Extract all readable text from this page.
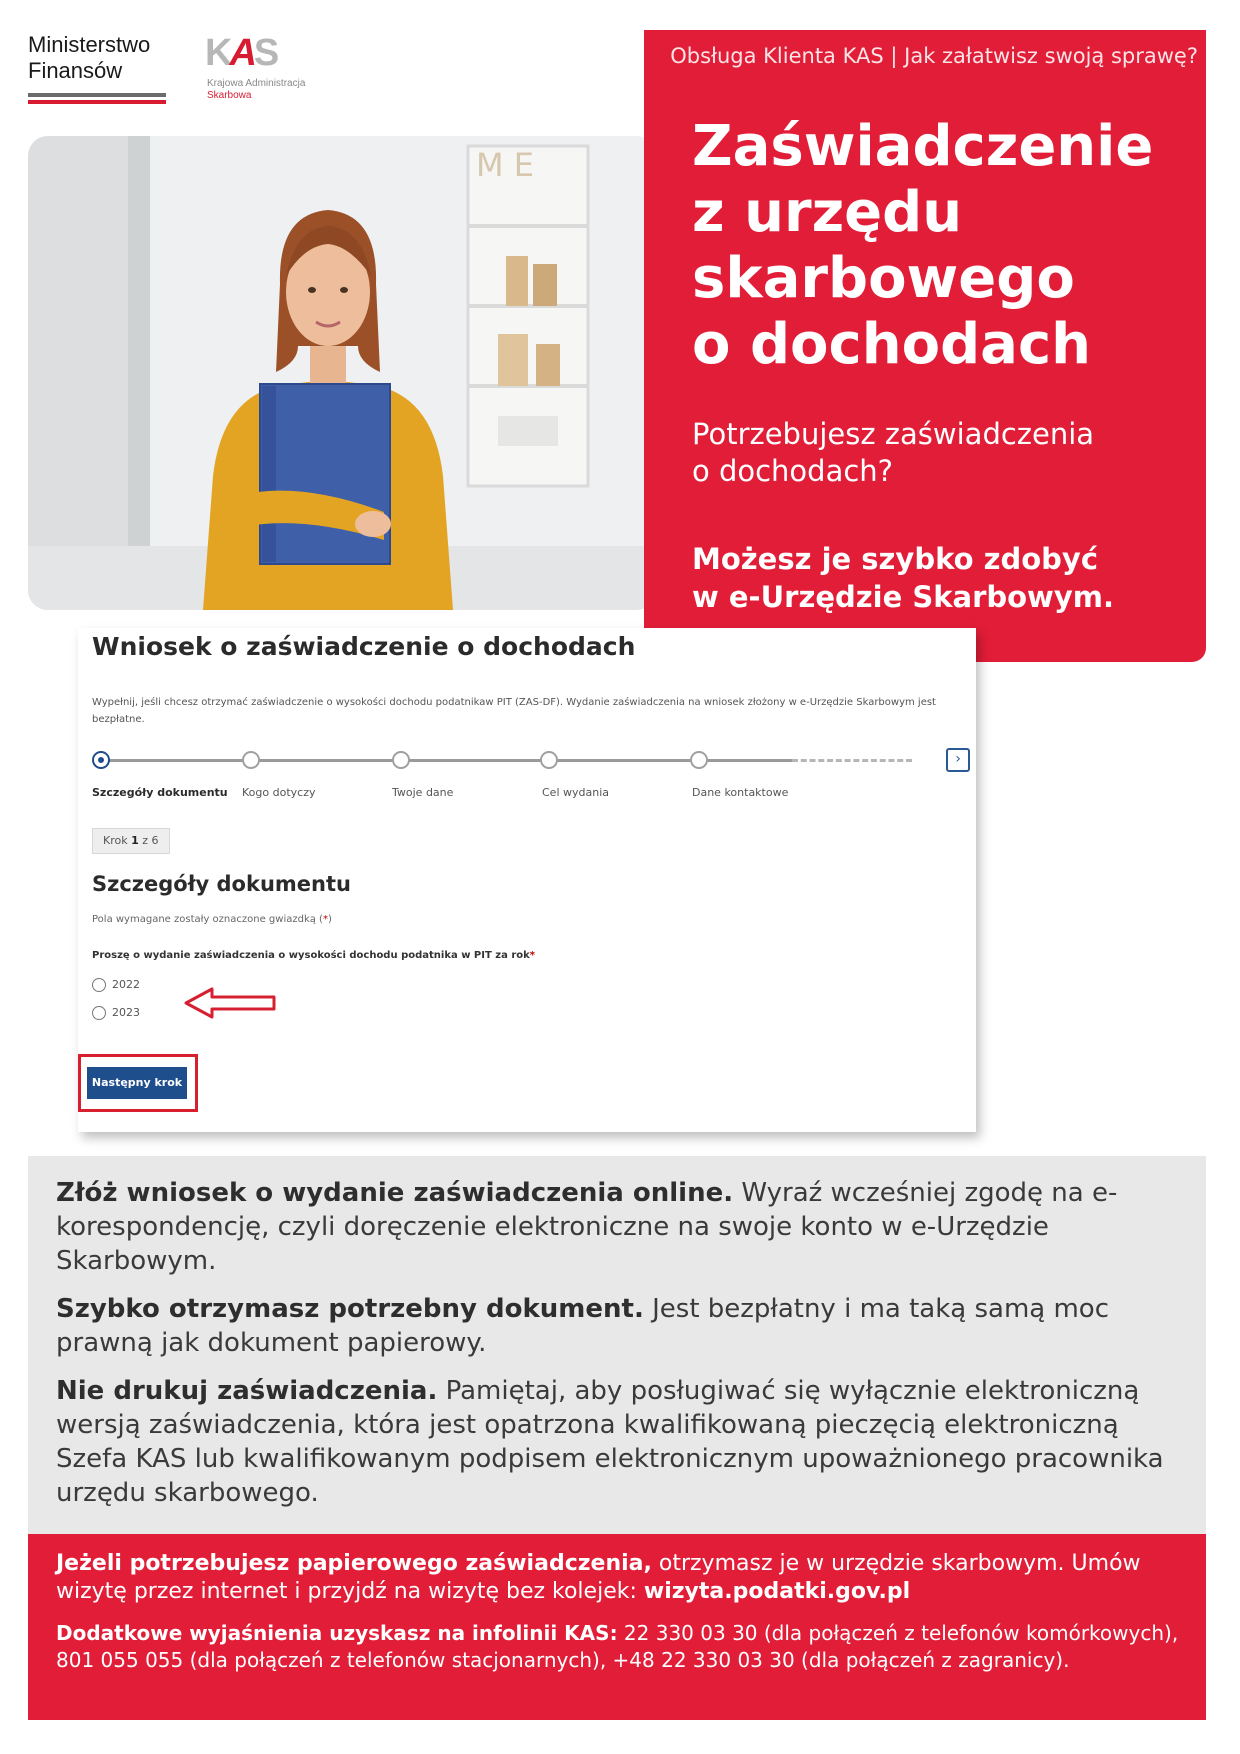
Ministerstwo
Finansów	KAS
Krajowa Administracja
Skarbowa
M E
Obsługa Klienta KAS | Jak załatwisz swoją sprawę?
Zaświadczenie
z urzędu
skarbowego
o dochodach
Potrzebujesz zaświadczenia
o dochodach?
Możesz je szybko zdobyć
w e-Urzędzie Skarbowym.
Wniosek o zaświadczenie o dochodach
Wypełnij, jeśli chcesz otrzymać zaświadczenie o wysokości dochodu podatnikaw PIT (ZAS-DF). Wydanie zaświadczenia na wniosek złożony w e-Urzędzie Skarbowym jest bezpłatne.
›
Szczegóły dokumentu Kogo dotyczy	Twoje dane	Cel wydania	Dane kontaktowe
Krok 1 z 6
Szczegóły dokumentu
Pola wymagane zostały oznaczone gwiazdką (*)
Proszę o wydanie zaświadczenia o wysokości dochodu podatnika w PIT za rok*
2022
2023
Następny krok

Złóż wniosek o wydanie zaświadczenia online. Wyraź wcześniej zgodę na e-korespondencję, czyli doręczenie elektroniczne na swoje konto w e-Urzędzie Skarbowym.

Szybko otrzymasz potrzebny dokument. Jest bezpłatny i ma taką samą moc prawną jak dokument papierowy.

Nie drukuj zaświadczenia. Pamiętaj, aby posługiwać się wyłącznie elektroniczną wersją zaświadczenia, która jest opatrzona kwalifikowaną pieczęcią elektroniczną Szefa KAS lub kwalifikowanym podpisem elektronicznym upoważnionego pracownika urzędu skarbowego.

Jeżeli potrzebujesz papierowego zaświadczenia, otrzymasz je w urzędzie skarbowym. Umów wizytę przez internet i przyjdź na wizytę bez kolejek: wizyta.podatki.gov.pl

Dodatkowe wyjaśnienia uzyskasz na infolinii KAS: 22 330 03 30 (dla połączeń z telefonów komórkowych), 801 055 055 (dla połączeń z telefonów stacjonarnych), +48 22 330 03 30 (dla połączeń z zagranicy).
